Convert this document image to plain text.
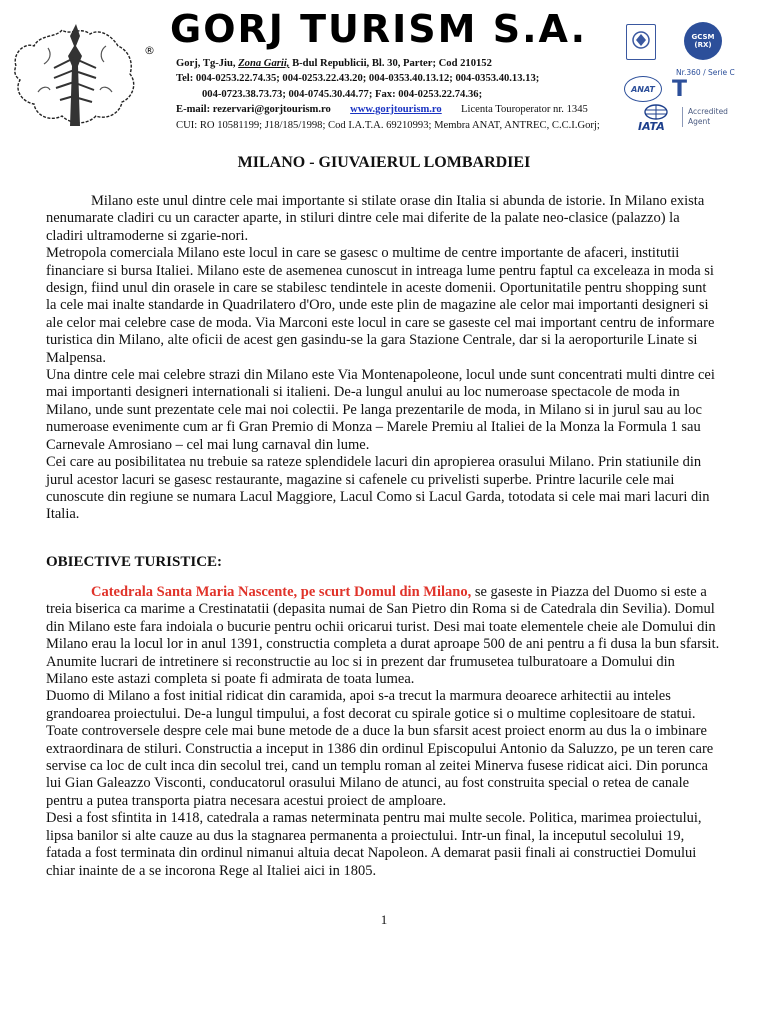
® GORJ TURISM S.A.
Gorj, Tg-Jiu, Zona Garii, B-dul Republicii, Bl. 30, Parter; Cod 210152
Tel: 004-0253.22.74.35; 004-0253.22.43.20; 004-0353.40.13.12; 004-0353.40.13.13;
004-0723.38.73.73; 004-0745.30.44.77; Fax: 004-0253.22.74.36;
E-mail: rezervari@gorjtourism.ro www.gorjtourism.ro Licenta Touroperator nr. 1345
CUI: RO 10581199; J18/185/1998; Cod I.A.T.A. 69210993; Membra ANAT, ANTREC, C.C.I.Gorj;
GCSM
(RX)
Nr.360 / Serie C
ANAT T
IATA
Accredited
Agent
MILANO - GIUVAIERUL LOMBARDIEI

Milano este unul dintre cele mai importante si stilate orase din Italia si abunda de istorie. In Milano exista nenumarate cladiri cu un caracter aparte, in stiluri dintre cele mai diferite de la palate neo-clasice (palazzo) la cladiri ultramoderne si zgarie-nori.

Metropola comerciala Milano este locul in care se gasesc o multime de centre importante de afaceri, institutii financiare si bursa Italiei. Milano este de asemenea cunoscut in intreaga lume pentru faptul ca exceleaza in moda si design, fiind unul din orasele in care se stabilesc tendintele in aceste domenii. Oportunitatile pentru shopping sunt la cele mai inalte standarde in Quadrilatero d'Oro, unde este plin de magazine ale celor mai importanti designeri si ale celor mai celebre case de moda. Via Marconi este locul in care se gaseste cel mai important centru de informare turistica din Milano, alte oficii de acest gen gasindu-se la gara Stazione Centrale, dar si la aeroporturile Linate si Malpensa.

Una dintre cele mai celebre strazi din Milano este Via Montenapoleone, locul unde sunt concentrati multi dintre cei mai importanti designeri internationali si italieni. De-a lungul anului au loc numeroase spectacole de moda in Milano, unde sunt prezentate cele mai noi colectii. Pe langa prezentarile de moda, in Milano si in jurul sau au loc numeroase evenimente cum ar fi Gran Premio di Monza – Marele Premiu al Italiei de la Monza la Formula 1 sau Carnevale Amrosiano – cel mai lung carnaval din lume.

Cei care au posibilitatea nu trebuie sa rateze splendidele lacuri din apropierea orasului Milano. Prin statiunile din jurul acestor lacuri se gasesc restaurante, magazine si cafenele cu privelisti superbe. Printre lacurile cele mai cunoscute din regiune se numara Lacul Maggiore, Lacul Como si Lacul Garda, totodata si cele mai mari lacuri din Italia.

OBIECTIVE TURISTICE:

Catedrala Santa Maria Nascente, pe scurt Domul din Milano, se gaseste in Piazza del Duomo si este a treia biserica ca marime a Crestinatatii (depasita numai de San Pietro din Roma si de Catedrala din Sevilia). Domul din Milano este fara indoiala o bucurie pentru ochii oricarui turist. Desi mai toate elementele cheie ale Domului din Milano erau la locul lor in anul 1391, constructia completa a durat aproape 500 de ani pentru a fi dusa la bun sfarsit. Anumite lucrari de intretinere si reconstructie au loc si in prezent dar frumusetea tulburatoare a Domului din Milano este astazi completa si poate fi admirata de toata lumea.

Duomo di Milano a fost initial ridicat din caramida, apoi s-a trecut la marmura deoarece arhitectii au inteles grandoarea proiectului. De-a lungul timpului, a fost decorat cu spirale gotice si o multime coplesitoare de statui. Toate controversele despre cele mai bune metode de a duce la bun sfarsit acest proiect enorm au dus la o imbinare extraordinara de stiluri. Constructia a inceput in 1386 din ordinul Episcopului Antonio da Saluzzo, pe un teren care servise ca loc de cult inca din secolul trei, cand un templu roman al zeitei Minerva fusese ridicat aici. Din porunca lui Gian Galeazzo Visconti, conducatorul orasului Milano de atunci, au fost construita special o retea de canale pentru a putea transporta piatra necesara acestui proiect de amploare.

Desi a fost sfintita in 1418, catedrala a ramas neterminata pentru mai multe secole. Politica, marimea proiectului, lipsa banilor si alte cauze au dus la stagnarea permanenta a proiectului. Intr-un final, la inceputul secolului 19, fatada a fost terminata din ordinul nimanui altuia decat Napoleon. A demarat pasii finali ai constructiei Domului chiar inainte de a se incorona Rege al Italiei aici in 1805.

1
